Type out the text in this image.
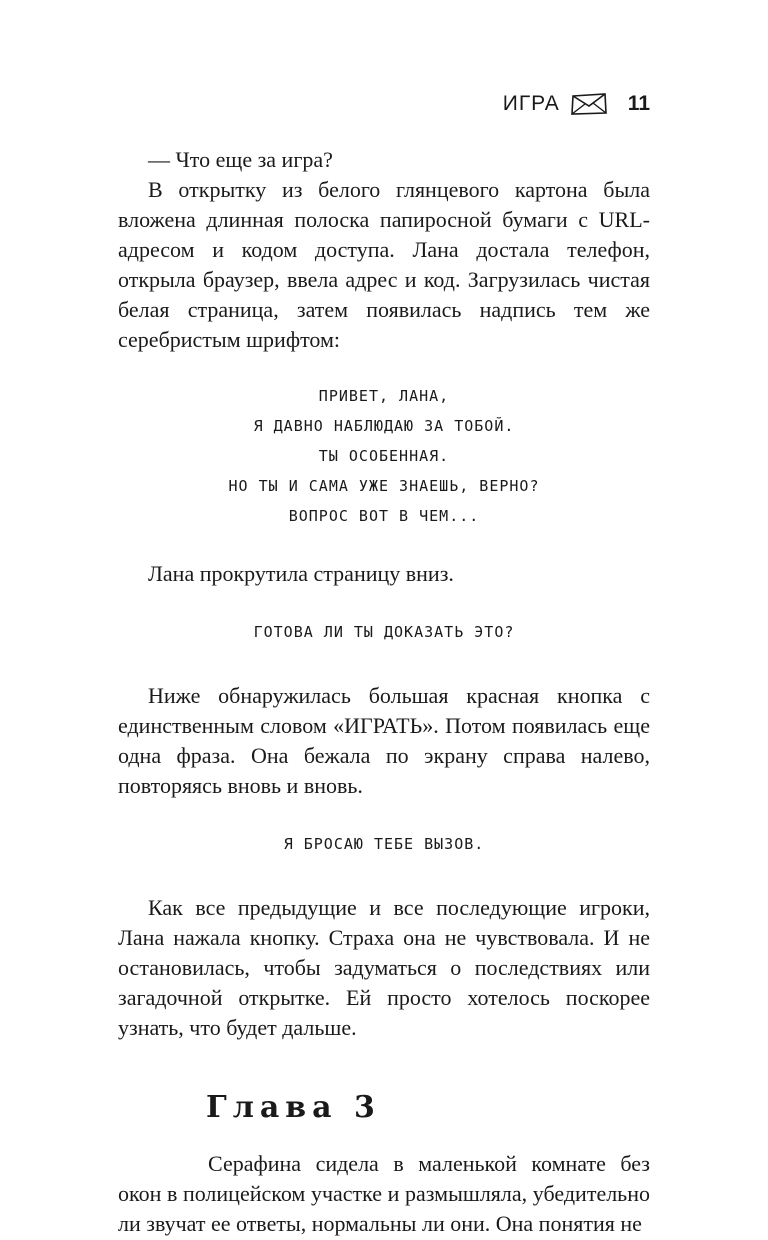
ИГРА	11

— Что еще за игра?

В открытку из белого глянцевого картона была вложена длинная полоска папиросной бумаги с URL-адресом и кодом доступа. Лана достала телефон, открыла браузер, ввела адрес и код. Загрузилась чистая белая страница, затем появилась надпись тем же серебристым шрифтом:

ПРИВЕТ, ЛАНА,
Я ДАВНО НАБЛЮДАЮ ЗА ТОБОЙ.
ТЫ ОСОБЕННАЯ.
НО ТЫ И САМА УЖЕ ЗНАЕШЬ, ВЕРНО?
ВОПРОС ВОТ В ЧЕМ...

Лана прокрутила страницу вниз.

ГОТОВА ЛИ ТЫ ДОКАЗАТЬ ЭТО?

Ниже обнаружилась большая красная кнопка с единственным словом «ИГРАТЬ». Потом появилась еще одна фраза. Она бежала по экрану справа налево, повторяясь вновь и вновь.

Я БРОСАЮ ТЕБЕ ВЫЗОВ.

Как все предыдущие и все последующие игроки, Лана нажала кнопку. Страха она не чувствовала. И не остановилась, чтобы задуматься о последствиях или загадочной открытке. Ей просто хотелось поскорее узнать, что будет дальше.

Глава 3

Серафина сидела в маленькой комнате без окон в полицейском участке и размышляла, убедительно ли звучат ее ответы, нормальны ли они. Она понятия не
